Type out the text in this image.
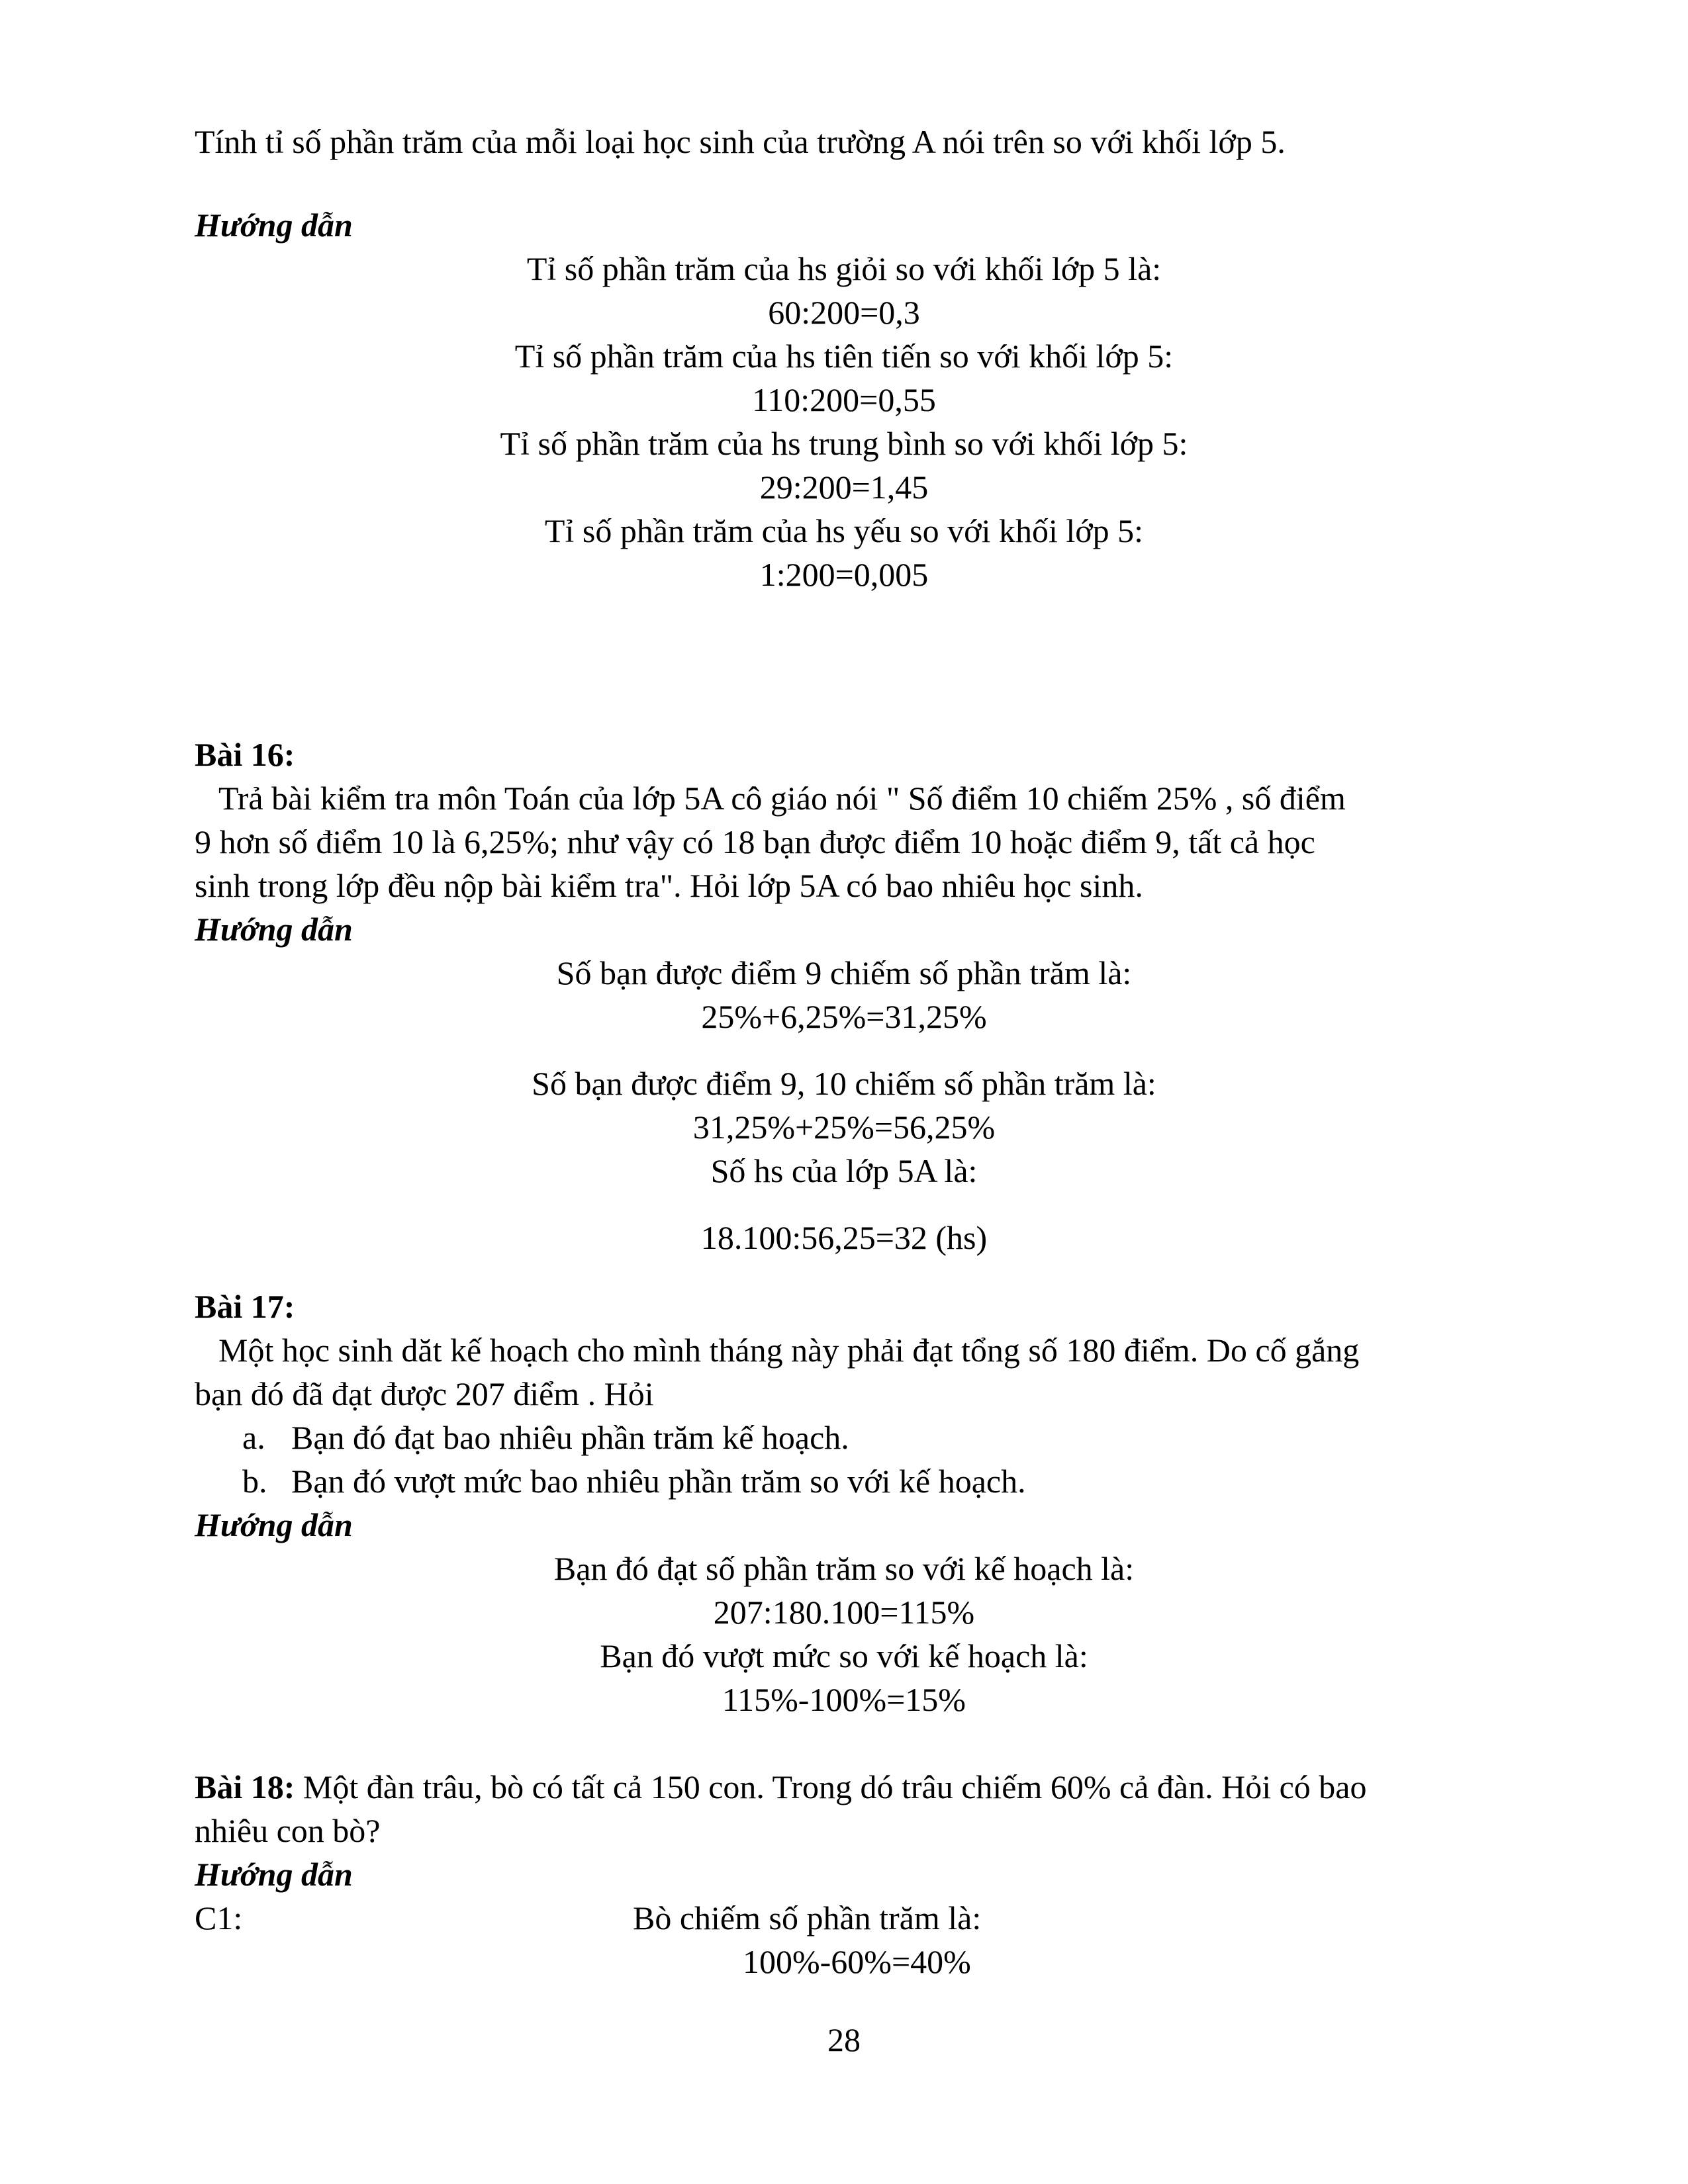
Tính tỉ số phần trăm của mỗi loại học sinh của trường A nói trên so với khối lớp 5.
Hướng dẫn
Tỉ số phần trăm của hs giỏi so với khối lớp 5 là:
60:200=0,3
Tỉ số phần trăm của hs tiên tiến so với khối lớp 5:
110:200=0,55
Tỉ số phần trăm của hs trung bình so với khối lớp 5:
29:200=1,45
Tỉ số phần trăm của hs yếu so với khối lớp 5:
1:200=0,005
Bài 16:
Trả bài kiểm tra môn Toán của lớp 5A cô giáo nói " Số điểm 10 chiếm 25% , số điểm
9 hơn số điểm 10 là 6,25%; như vậy có 18 bạn được điểm 10 hoặc điểm 9, tất cả học
sinh trong lớp đều nộp bài kiểm tra". Hỏi lớp 5A có bao nhiêu học sinh.
Hướng dẫn
Số bạn được điểm 9 chiếm số phần trăm là:
25%+6,25%=31,25%
Số bạn được điểm 9, 10 chiếm số phần trăm là:
31,25%+25%=56,25%
Số hs của lớp 5A là:
18.100:56,25=32 (hs)
Bài 17:
Một học sinh dăt kế hoạch cho mình tháng này phải đạt tổng số 180 điểm. Do cố gắng
bạn đó đã đạt được 207 điểm . Hỏi
a. Bạn đó đạt bao nhiêu phần trăm kế hoạch.
b. Bạn đó vượt mức bao nhiêu phần trăm so với kế hoạch.
Hướng dẫn
Bạn đó đạt số phần trăm so với kế hoạch là:
207:180.100=115%
Bạn đó vượt mức so với kế hoạch là:
115%-100%=15%
Bài 18: Một đàn trâu, bò có tất cả 150 con. Trong dó trâu chiếm 60% cả đàn. Hỏi có bao
nhiêu con bò?
Hướng dẫn
C1:	Bò chiếm số phần trăm là:
100%-60%=40%
28
